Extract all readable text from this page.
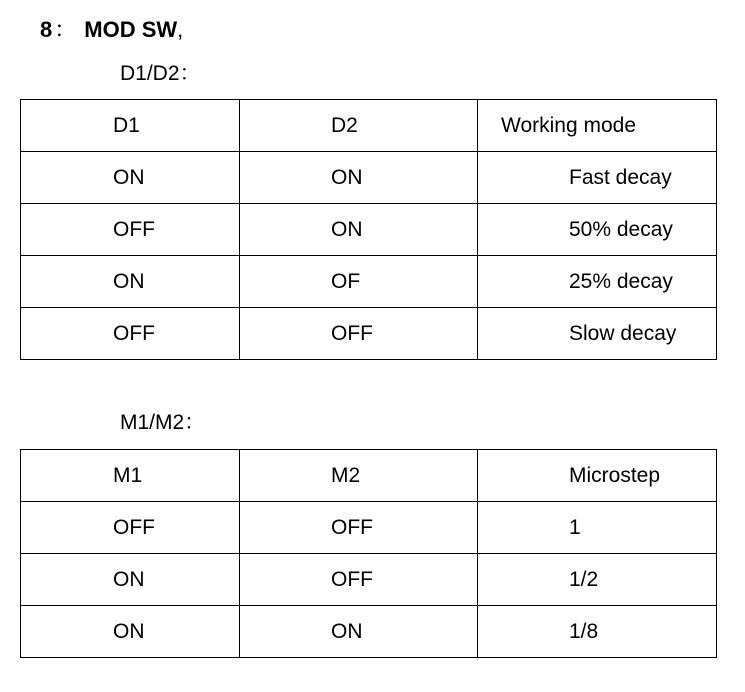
8： MOD SW,
D1/D2：
D1	D2	Working mode
ON	ON	Fast decay
OFF	ON	50% decay
ON	OF	25% decay
OFF	OFF	Slow decay
M1/M2：
M1	M2	Microstep
OFF	OFF	1
ON	OFF	1/2
ON	ON	1/8
